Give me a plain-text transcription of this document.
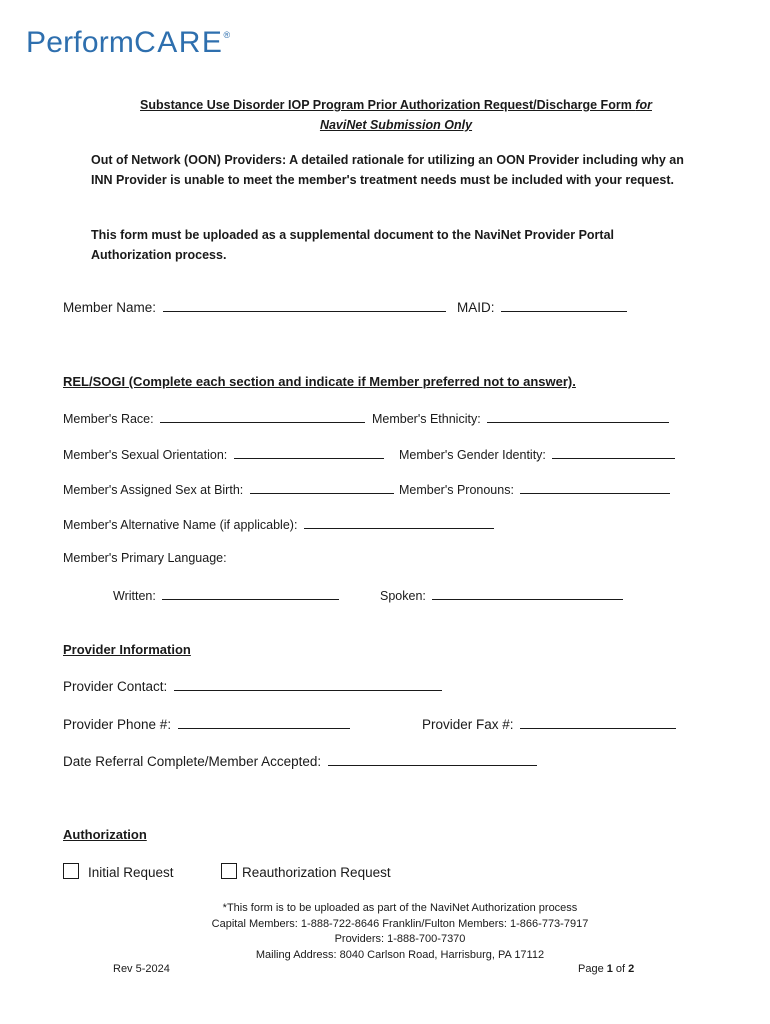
PerformCARE®
Substance Use Disorder IOP Program Prior Authorization Request/Discharge Form for
NaviNet Submission Only
Out of Network (OON) Providers: A detailed rationale for utilizing an OON Provider including why an INN Provider is unable to meet the member's treatment needs must be included with your request.
This form must be uploaded as a supplemental document to the NaviNet Provider Portal Authorization process.
Member Name:	MAID:
REL/SOGI (Complete each section and indicate if Member preferred not to answer).
Member's Race:	Member's Ethnicity:
Member's Sexual Orientation:	Member's Gender Identity:
Member's Assigned Sex at Birth:	Member's Pronouns:
Member's Alternative Name (if applicable):
Member's Primary Language:
Written:	Spoken:
Provider Information
Provider Contact:
Provider Phone #:	Provider Fax #:
Date Referral Complete/Member Accepted:
Authorization
Initial Request	Reauthorization Request
*This form is to be uploaded as part of the NaviNet Authorization process
Capital Members: 1-888-722-8646 Franklin/Fulton Members: 1-866-773-7917
Providers: 1-888-700-7370
Mailing Address: 8040 Carlson Road, Harrisburg, PA 17112
Rev 5-2024	Page 1 of 2
